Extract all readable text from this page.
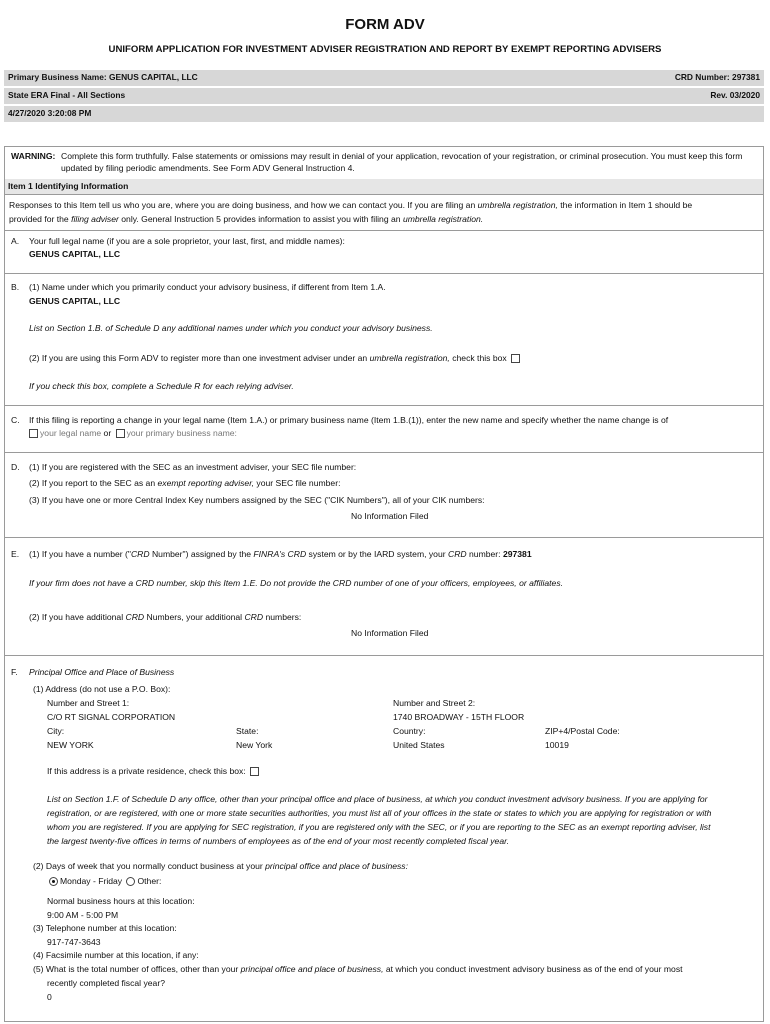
FORM ADV
UNIFORM APPLICATION FOR INVESTMENT ADVISER REGISTRATION AND REPORT BY EXEMPT REPORTING ADVISERS
Primary Business Name: GENUS CAPITAL, LLC	CRD Number: 297381
State ERA Final - All Sections	Rev. 03/2020
4/27/2020 3:20:08 PM
WARNING: Complete this form truthfully. False statements or omissions may result in denial of your application, revocation of your registration, or criminal prosecution. You must keep this form updated by filing periodic amendments. See Form ADV General Instruction 4.
Item 1 Identifying Information
Responses to this Item tell us who you are, where you are doing business, and how we can contact you. If you are filing an umbrella registration, the information in Item 1 should be
provided for the filing adviser only. General Instruction 5 provides information to assist you with filing an umbrella registration.
A. Your full legal name (if you are a sole proprietor, your last, first, and middle names):
GENUS CAPITAL, LLC
B. (1) Name under which you primarily conduct your advisory business, if different from Item 1.A.
GENUS CAPITAL, LLC
List on Section 1.B. of Schedule D any additional names under which you conduct your advisory business.
(2) If you are using this Form ADV to register more than one investment adviser under an umbrella registration, check this box
If you check this box, complete a Schedule R for each relying adviser.
C. If this filing is reporting a change in your legal name (Item 1.A.) or primary business name (Item 1.B.(1)), enter the new name and specify whether the name change is of
your legal name or your primary business name:
D. (1) If you are registered with the SEC as an investment adviser, your SEC file number:
(2) If you report to the SEC as an exempt reporting adviser, your SEC file number:
(3) If you have one or more Central Index Key numbers assigned by the SEC ("CIK Numbers"), all of your CIK numbers:
No Information Filed
E. (1) If you have a number ("CRD Number") assigned by the FINRA's CRD system or by the IARD system, your CRD number: 297381
If your firm does not have a CRD number, skip this Item 1.E. Do not provide the CRD number of one of your officers, employees, or affiliates.
(2) If you have additional CRD Numbers, your additional CRD numbers:
No Information Filed
F. Principal Office and Place of Business
(1) Address (do not use a P.O. Box):
Number and Street 1:	Number and Street 2:
C/O RT SIGNAL CORPORATION	1740 BROADWAY - 15TH FLOOR
City:	State:	Country:	ZIP+4/Postal Code:
NEW YORK	New York	United States	10019
If this address is a private residence, check this box:
List on Section 1.F. of Schedule D any office, other than your principal office and place of business, at which you conduct investment advisory business. If you are applying for
registration, or are registered, with one or more state securities authorities, you must list all of your offices in the state or states to which you are applying for registration or with
whom you are registered. If you are applying for SEC registration, if you are registered only with the SEC, or if you are reporting to the SEC as an exempt reporting adviser, list
the largest twenty-five offices in terms of numbers of employees as of the end of your most recently completed fiscal year.
(2) Days of week that you normally conduct business at your principal office and place of business:
Monday - Friday Other:
Normal business hours at this location:
9:00 AM - 5:00 PM
(3) Telephone number at this location:
917-747-3643
(4) Facsimile number at this location, if any:
(5) What is the total number of offices, other than your principal office and place of business, at which you conduct investment advisory business as of the end of your most
recently completed fiscal year?
0
